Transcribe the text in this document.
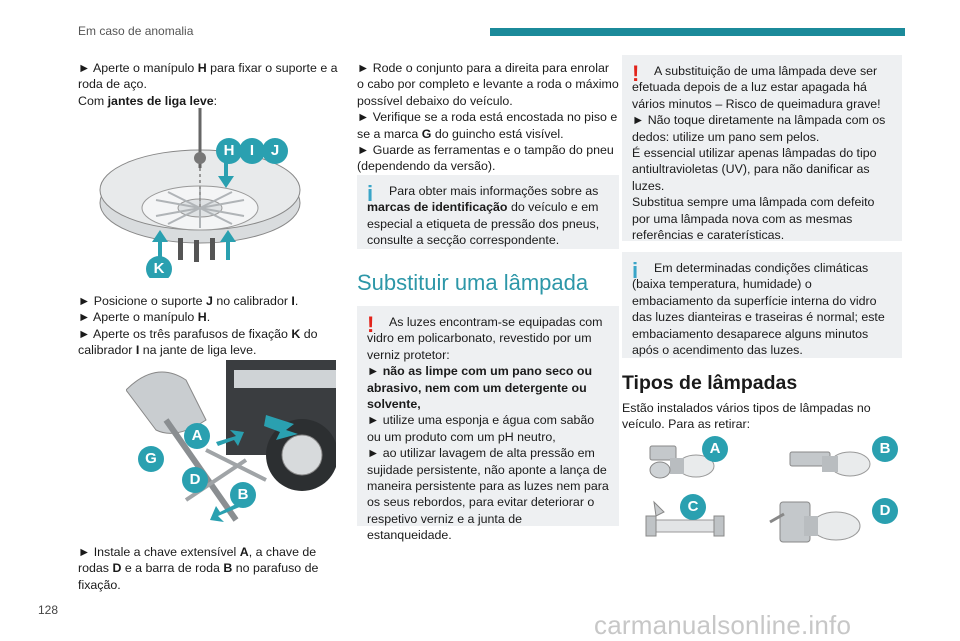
Em caso de anomalia
► Aperte o manípulo H para fixar o suporte e a roda de aço.
Com jantes de liga leve:
H	I	J
K
► Posicione o suporte J no calibrador I.
► Aperte o manípulo H.
► Aperte os três parafusos de fixação K do calibrador I na jante de liga leve.
A
G
D
B
► Instale a chave extensível A, a chave de rodas D e a barra de roda B no parafuso de fixação.
► Rode o conjunto para a direita para enrolar o cabo por completo e levante a roda o máximo possível debaixo do veículo.
► Verifique se a roda está encostada no piso e se a marca G do guincho está visível.
► Guarde as ferramentas e o tampão do pneu (dependendo da versão).
i	Para obter mais informações sobre as marcas de identificação do veículo e em especial a etiqueta de pressão dos pneus, consulte a secção correspondente.

Substituir uma lâmpada
!	As luzes encontram-se equipadas com vidro em policarbonato, revestido por um verniz protetor:
► não as limpe com um pano seco ou abrasivo, nem com um detergente ou solvente,
► utilize uma esponja e água com sabão ou um produto com um pH neutro,
► ao utilizar lavagem de alta pressão em sujidade persistente, não aponte a lança de maneira persistente para as luzes nem para os seus rebordos, para evitar deteriorar o respetivo verniz e a junta de estanqueidade.

!	A substituição de uma lâmpada deve ser efetuada depois de a luz estar apagada há vários minutos – Risco de queimadura grave!
► Não toque diretamente na lâmpada com os dedos: utilize um pano sem pelos.
É essencial utilizar apenas lâmpadas do tipo antiultravioletas (UV), para não danificar as luzes.
Substitua sempre uma lâmpada com defeito por uma lâmpada nova com as mesmas referências e caraterísticas.

i	Em determinadas condições climáticas (baixa temperatura, humidade) o embaciamento da superfície interna do vidro das luzes dianteiras e traseiras é normal; este embaciamento desaparece alguns minutos após o acendimento das luzes.

Tipos de lâmpadas
Estão instalados vários tipos de lâmpadas no veículo. Para as retirar:
A	B
C	D
128	carmanualsonline.info
